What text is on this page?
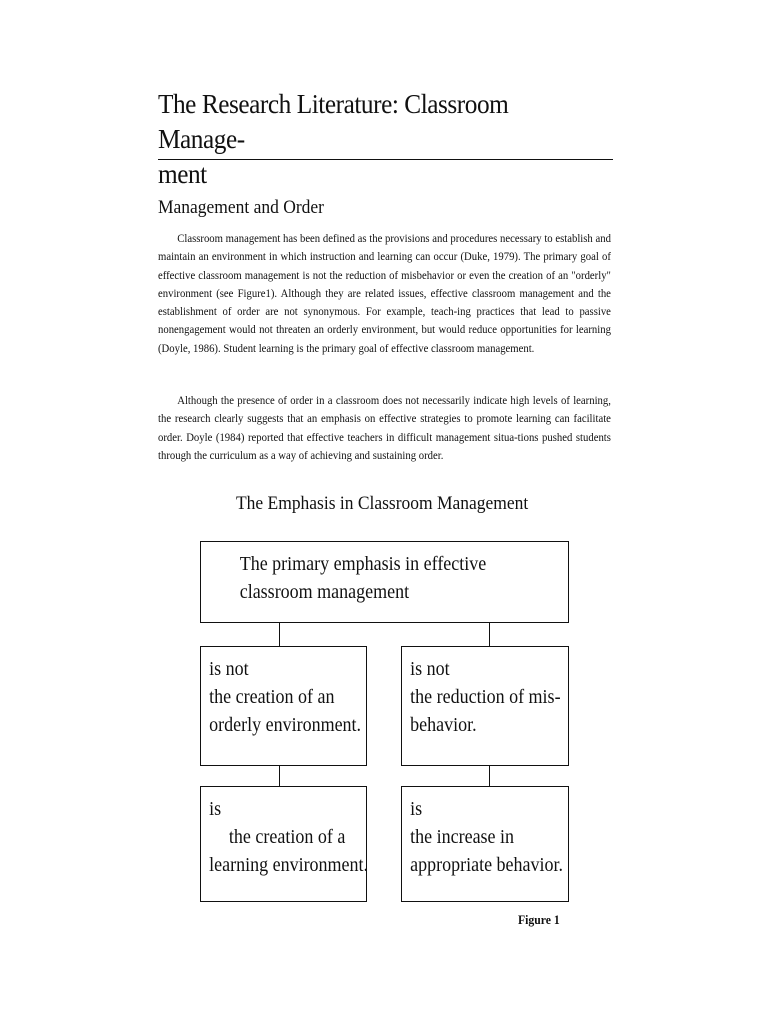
The Research Literature: Classroom Manage-
ment
Management and Order

Classroom management has been defined as the provisions and procedures necessary to establish and maintain an environment in which instruction and learning can occur (Duke, 1979). The primary goal of effective classroom management is not the reduction of misbehavior or even the creation of an "orderly" environment (see Figure1). Although they are related issues, effective classroom management and the establishment of order are not synonymous. For example, teach-ing practices that lead to passive nonengagement would not threaten an orderly environment, but would reduce opportunities for learning (Doyle, 1986). Student learning is the primary goal of effective classroom management.

Although the presence of order in a classroom does not necessarily indicate high levels of learning, the research clearly suggests that an emphasis on effective strategies to promote learning can facilitate order. Doyle (1984) reported that effective teachers in difficult management situa-tions pushed students through the curriculum as a way of achieving and sustaining order.

The Emphasis in Classroom Management
The primary emphasis in effective
classroom management
is not
the creation of an
orderly environment.
is not
the reduction of mis-
behavior.
is
the creation of a
learning environment.
is
the increase in
appropriate behavior.
Figure 1
